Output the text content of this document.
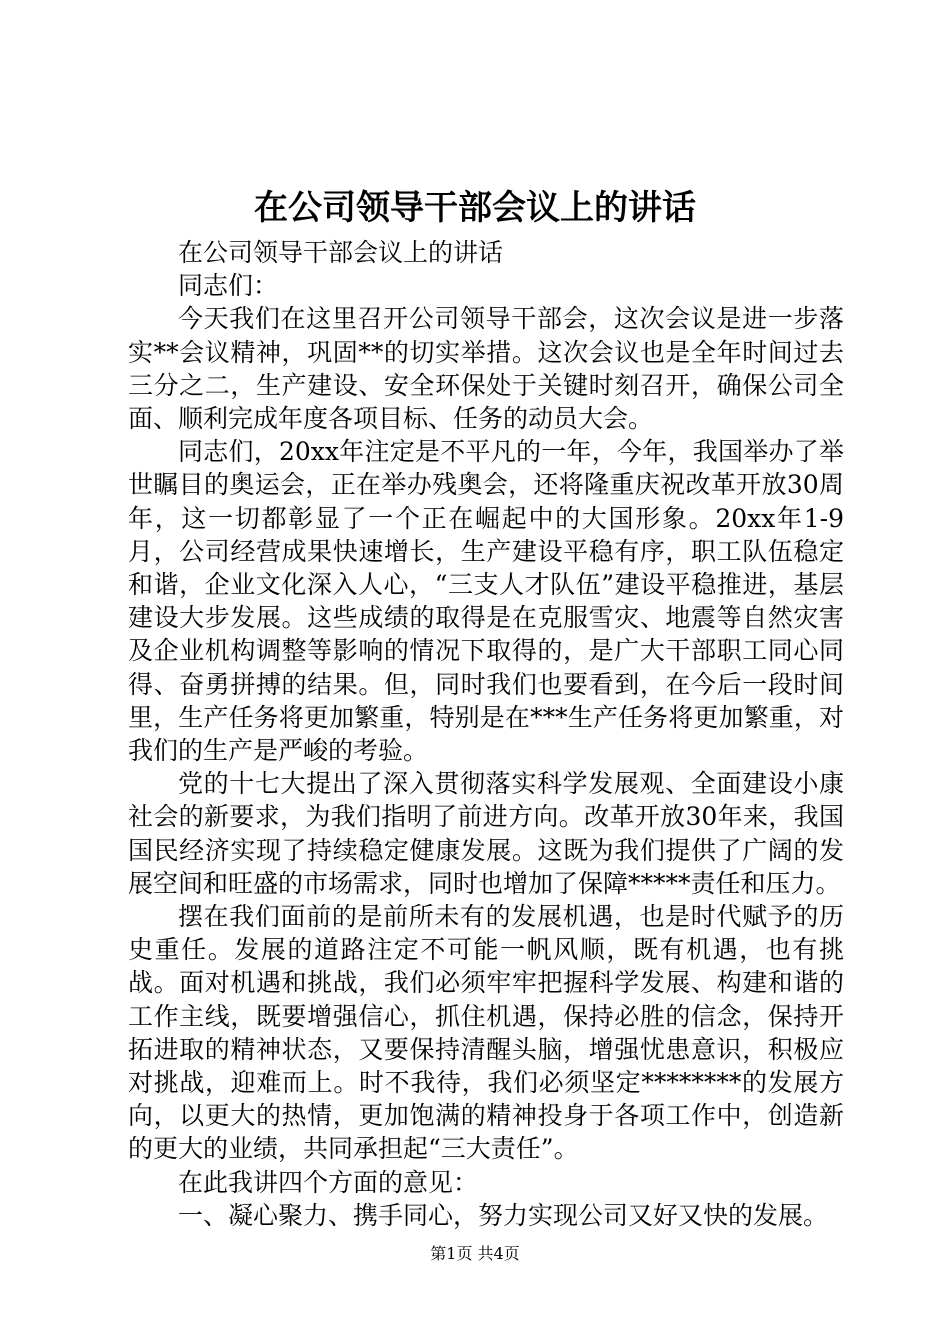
在公司领导干部会议上的讲话

在公司领导干部会议上的讲话

同志们：

今天我们在这里召开公司领导干部会，这次会议是进一步落实**会议精神，巩固**的切实举措。这次会议也是全年时间过去三分之二，生产建设、安全环保处于关键时刻召开，确保公司全面、顺利完成年度各项目标、任务的动员大会。

同志们，20xx年注定是不平凡的一年，今年，我国举办了举世瞩目的奥运会，正在举办残奥会，还将隆重庆祝改革开放30周年，这一切都彰显了一个正在崛起中的大国形象。20xx年1-9月，公司经营成果快速增长，生产建设平稳有序，职工队伍稳定和谐，企业文化深入人心，“三支人才队伍”建设平稳推进，基层建设大步发展。这些成绩的取得是在克服雪灾、地震等自然灾害及企业机构调整等影响的情况下取得的，是广大干部职工同心同得、奋勇拼搏的结果。但，同时我们也要看到，在今后一段时间里，生产任务将更加繁重，特别是在***生产任务将更加繁重，对我们的生产是严峻的考验。

党的十七大提出了深入贯彻落实科学发展观、全面建设小康社会的新要求，为我们指明了前进方向。改革开放30年来，我国国民经济实现了持续稳定健康发展。这既为我们提供了广阔的发展空间和旺盛的市场需求，同时也增加了保障*****责任和压力。

摆在我们面前的是前所未有的发展机遇，也是时代赋予的历史重任。发展的道路注定不可能一帆风顺，既有机遇，也有挑战。面对机遇和挑战，我们必须牢牢把握科学发展、构建和谐的工作主线，既要增强信心，抓住机遇，保持必胜的信念，保持开拓进取的精神状态，又要保持清醒头脑，增强忧患意识，积极应对挑战，迎难而上。时不我待，我们必须坚定********的发展方向，以更大的热情，更加饱满的精神投身于各项工作中，创造新的更大的业绩，共同承担起“三大责任”。

在此我讲四个方面的意见：

一、凝心聚力、携手同心，努力实现公司又好又快的发展。

第1页 共4页
